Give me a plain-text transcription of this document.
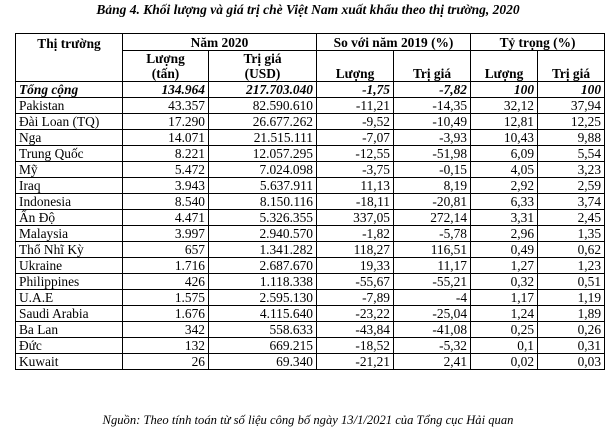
Bảng 4. Khối lượng và giá trị chè Việt Nam xuất khẩu theo thị trường, 2020
Thị trường	Năm 2020		So với năm 2019 (%)		Tỷ trọng (%)	
	Lượng	Trị giá	Lượng	Trị giá	Lượng	Trị giá
	(tấn)	(USD)				
Tổng cộng	134.964	217.703.040	-1,75	-7,82	100	100
Pakistan	43.357	82.590.610	-11,21	-14,35	32,12	37,94
Đài Loan (TQ)	17.290	26.677.262	-9,52	-10,49	12,81	12,25
Nga	14.071	21.515.111	-7,07	-3,93	10,43	9,88
Trung Quốc	8.221	12.057.295	-12,55	-51,98	6,09	5,54
Mỹ	5.472	7.024.098	-3,75	-0,15	4,05	3,23
Iraq	3.943	5.637.911	11,13	8,19	2,92	2,59
Indonesia	8.540	8.150.116	-18,11	-20,81	6,33	3,74
Ấn Độ	4.471	5.326.355	337,05	272,14	3,31	2,45
Malaysia	3.997	2.940.570	-1,82	-5,78	2,96	1,35
Thổ Nhĩ Kỳ	657	1.341.282	118,27	116,51	0,49	0,62
Ukraine	1.716	2.687.670	19,33	11,17	1,27	1,23
Philippines	426	1.118.338	-55,67	-55,21	0,32	0,51
U.A.E	1.575	2.595.130	-7,89	-4	1,17	1,19
Saudi Arabia	1.676	4.115.640	-23,22	-25,04	1,24	1,89
Ba Lan	342	558.633	-43,84	-41,08	0,25	0,26
Đức	132	669.215	-18,52	-5,32	0,1	0,31
Kuwait	26	69.340	-21,21	2,41	0,02	0,03
Nguồn: Theo tính toán từ số liệu công bố ngày 13/1/2021 của Tổng cục Hải quan
